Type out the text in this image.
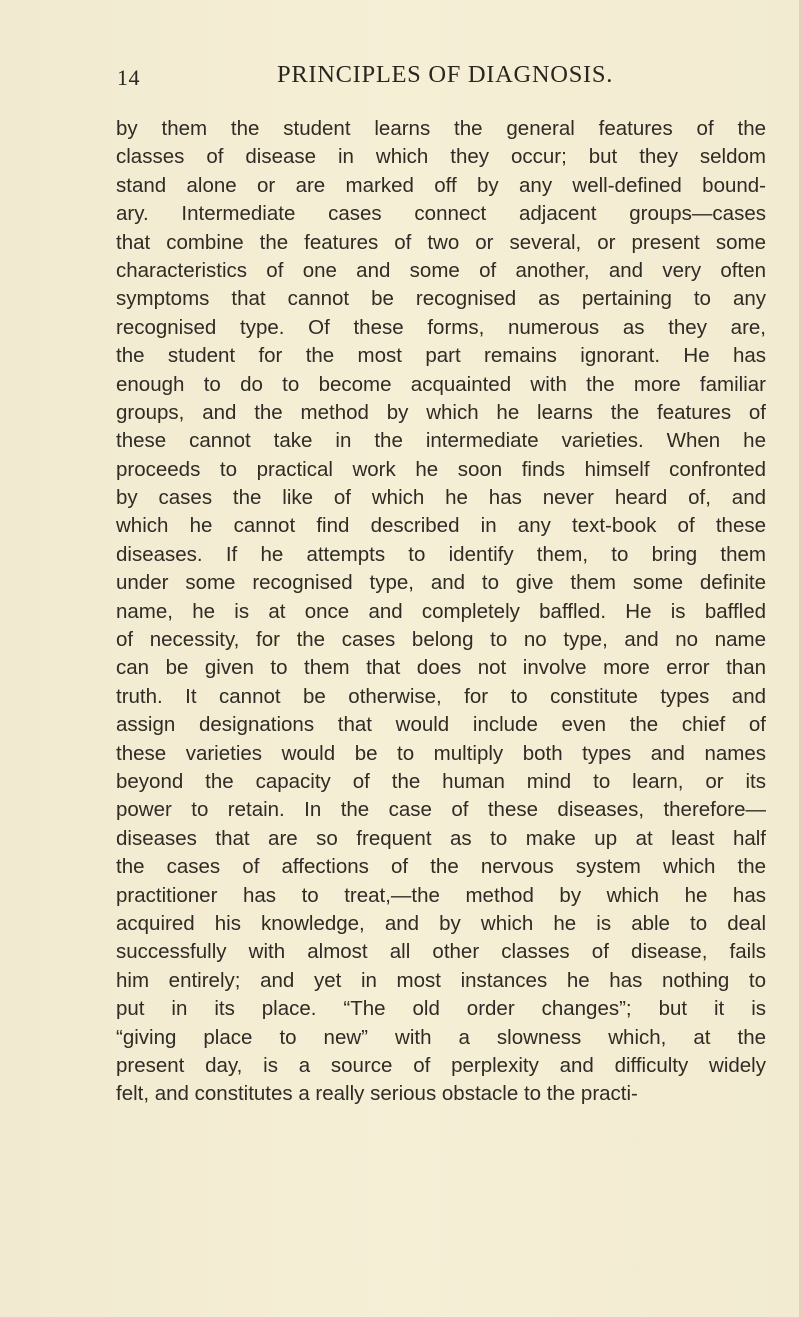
14	PRINCIPLES OF DIAGNOSIS.
by them the student learns the general features of the
classes of disease in which they occur; but they seldom
stand alone or are marked off by any well-defined bound-
ary. Intermediate cases connect adjacent groups—cases
that combine the features of two or several, or present some
characteristics of one and some of another, and very often
symptoms that cannot be recognised as pertaining to any
recognised type. Of these forms, numerous as they are,
the student for the most part remains ignorant. He has
enough to do to become acquainted with the more familiar
groups, and the method by which he learns the features of
these cannot take in the intermediate varieties. When he
proceeds to practical work he soon finds himself confronted
by cases the like of which he has never heard of, and
which he cannot find described in any text-book of these
diseases. If he attempts to identify them, to bring them
under some recognised type, and to give them some definite
name, he is at once and completely baffled. He is baffled
of necessity, for the cases belong to no type, and no name
can be given to them that does not involve more error than
truth. It cannot be otherwise, for to constitute types and
assign designations that would include even the chief of
these varieties would be to multiply both types and names
beyond the capacity of the human mind to learn, or its
power to retain. In the case of these diseases, therefore—
diseases that are so frequent as to make up at least half
the cases of affections of the nervous system which the
practitioner has to treat,—the method by which he has
acquired his knowledge, and by which he is able to deal
successfully with almost all other classes of disease, fails
him entirely; and yet in most instances he has nothing to
put in its place. “The old order changes”; but it is
“giving place to new” with a slowness which, at the
present day, is a source of perplexity and difficulty widely
felt, and constitutes a really serious obstacle to the practi-
